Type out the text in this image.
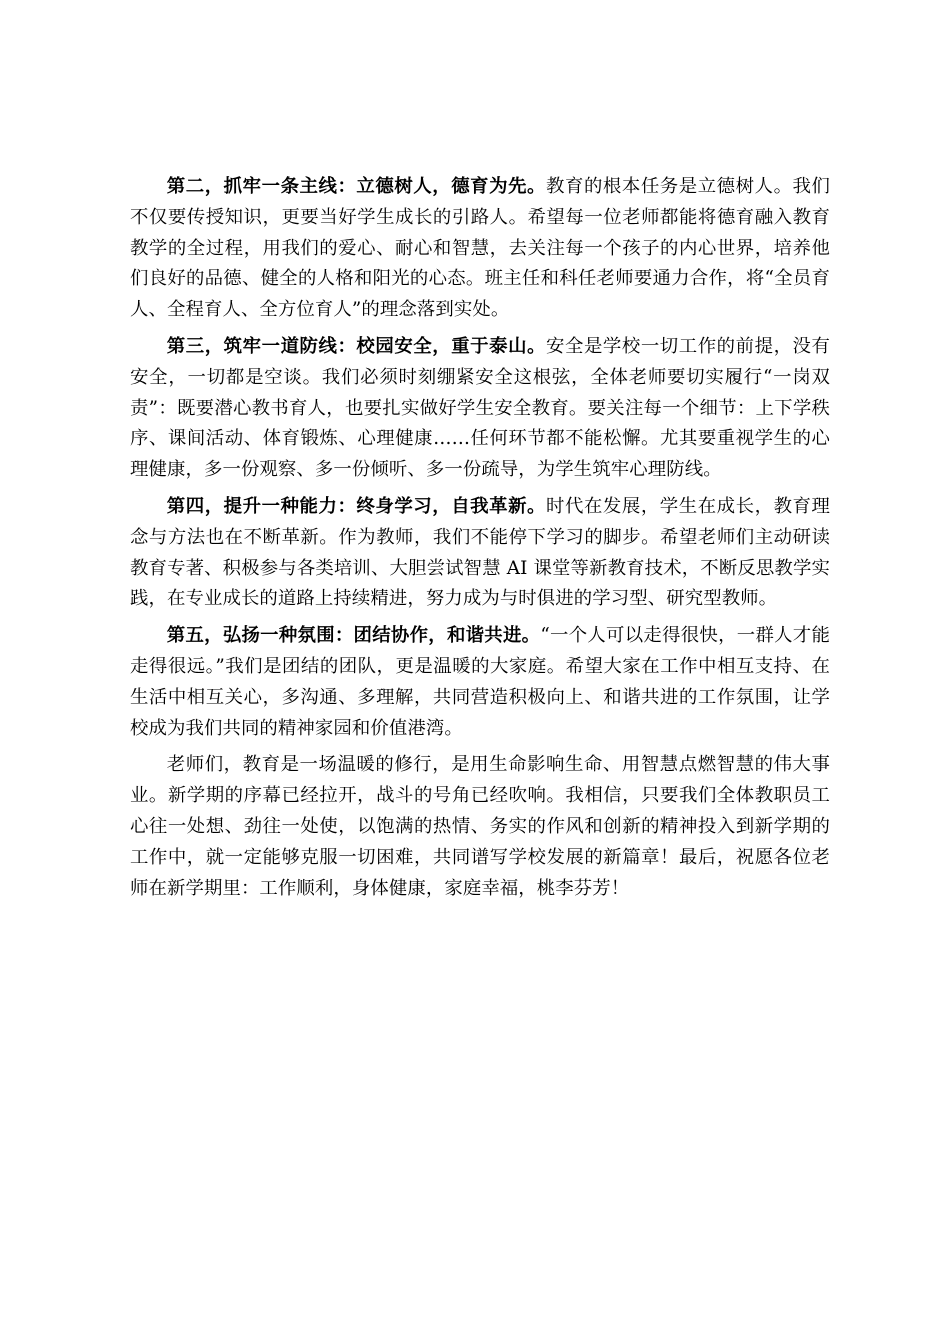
第二，抓牢一条主线：立德树人，德育为先。教育的根本任务是立德树人。我们不仅要传授知识，更要当好学生成长的引路人。希望每一位老师都能将德育融入教育教学的全过程，用我们的爱心、耐心和智慧，去关注每一个孩子的内心世界，培养他们良好的品德、健全的人格和阳光的心态。班主任和科任老师要通力合作，将“全员育人、全程育人、全方位育人”的理念落到实处。

第三，筑牢一道防线：校园安全，重于泰山。安全是学校一切工作的前提，没有安全，一切都是空谈。我们必须时刻绷紧安全这根弦，全体老师要切实履行“一岗双责”：既要潜心教书育人，也要扎实做好学生安全教育。要关注每一个细节：上下学秩序、课间活动、体育锻炼、心理健康……任何环节都不能松懈。尤其要重视学生的心理健康，多一份观察、多一份倾听、多一份疏导，为学生筑牢心理防线。

第四，提升一种能力：终身学习，自我革新。时代在发展，学生在成长，教育理念与方法也在不断革新。作为教师，我们不能停下学习的脚步。希望老师们主动研读教育专著、积极参与各类培训、大胆尝试智慧 AI 课堂等新教育技术，不断反思教学实践，在专业成长的道路上持续精进，努力成为与时俱进的学习型、研究型教师。

第五，弘扬一种氛围：团结协作，和谐共进。“一个人可以走得很快，一群人才能走得很远。”我们是团结的团队，更是温暖的大家庭。希望大家在工作中相互支持、在生活中相互关心，多沟通、多理解，共同营造积极向上、和谐共进的工作氛围，让学校成为我们共同的精神家园和价值港湾。

老师们，教育是一场温暖的修行，是用生命影响生命、用智慧点燃智慧的伟大事业。新学期的序幕已经拉开，战斗的号角已经吹响。我相信，只要我们全体教职员工心往一处想、劲往一处使，以饱满的热情、务实的作风和创新的精神投入到新学期的工作中，就一定能够克服一切困难，共同谱写学校发展的新篇章！最后，祝愿各位老师在新学期里：工作顺利，身体健康，家庭幸福，桃李芬芳！
